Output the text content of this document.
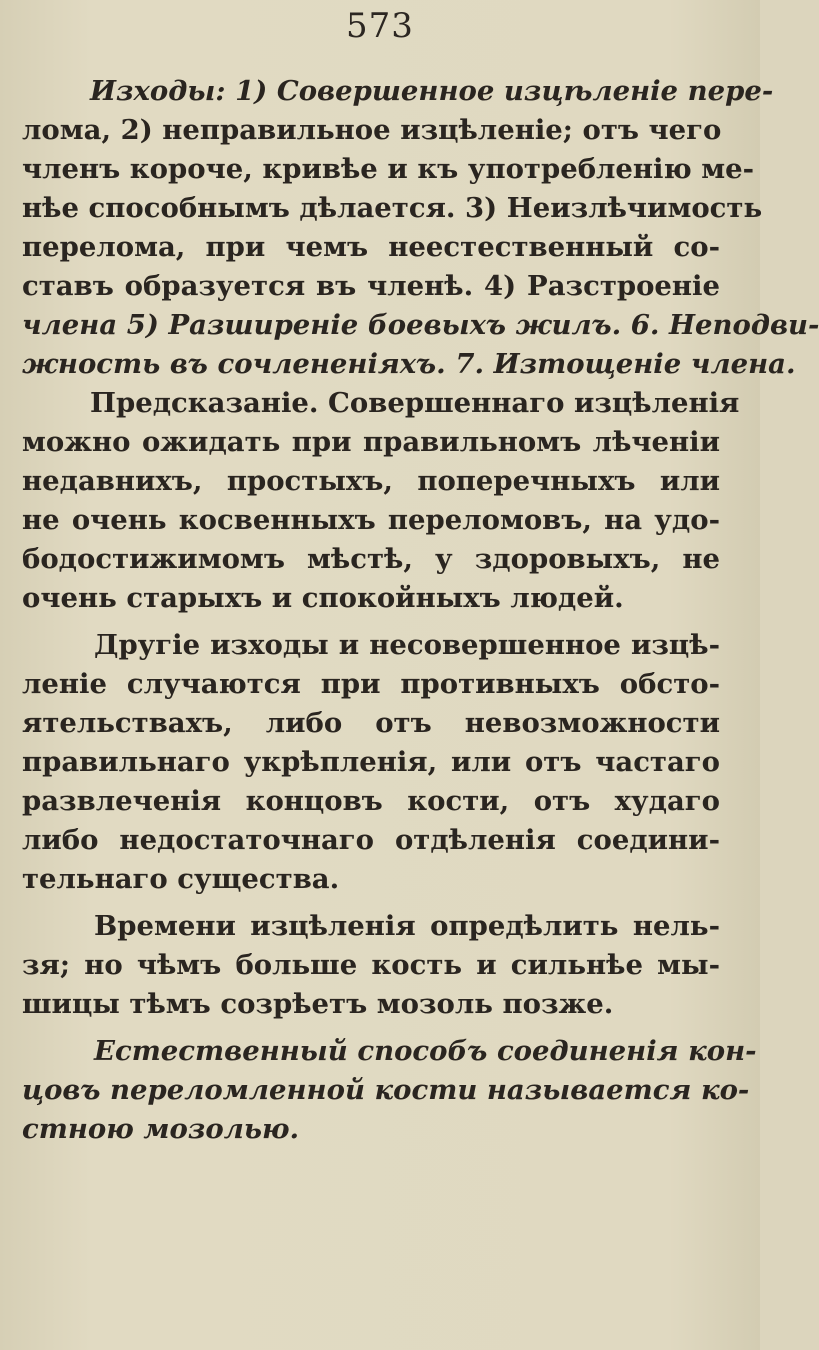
573
Изходы: 1) Совершенное изцѣленіе пере-
лома, 2) неправильное изцѣленіе; отъ чего
членъ короче, кривѣе и къ употребленію ме-
нѣе способнымъ дѣлается. 3) Неизлѣчимость
перелома, при чемъ неестественный со-
ставъ образуется въ членѣ. 4) Разстроеніе
члена 5) Разширеніе боевыхъ жилъ. 6. Неподви-
жность въ сочлененіяхъ. 7. Изтощеніе члена.
Предсказаніе. Совершеннаго изцѣленія
можно ожидать при правильномъ лѣченіи
недавнихъ, простыхъ, поперечныхъ или
не очень косвенныхъ переломовъ, на удо-
бодостижимомъ мѣстѣ, у здоровыхъ, не
очень старыхъ и спокойныхъ людей.
Другіе изходы и несовершенное изцѣ-
леніе случаются при противныхъ обсто-
ятельствахъ, либо отъ невозможности
правильнаго укрѣпленія, или отъ частаго
развлеченія концовъ кости, отъ худаго
либо недостаточнаго отдѣленія соедини-
тельнаго существа.
Времени изцѣленія опредѣлить нель-
зя; но чѣмъ больше кость и сильнѣе мы-
шицы тѣмъ созрѣетъ мозоль позже.
Естественный способъ соединенія кон-
цовъ переломленной кости называется ко-
стною мозолью.
